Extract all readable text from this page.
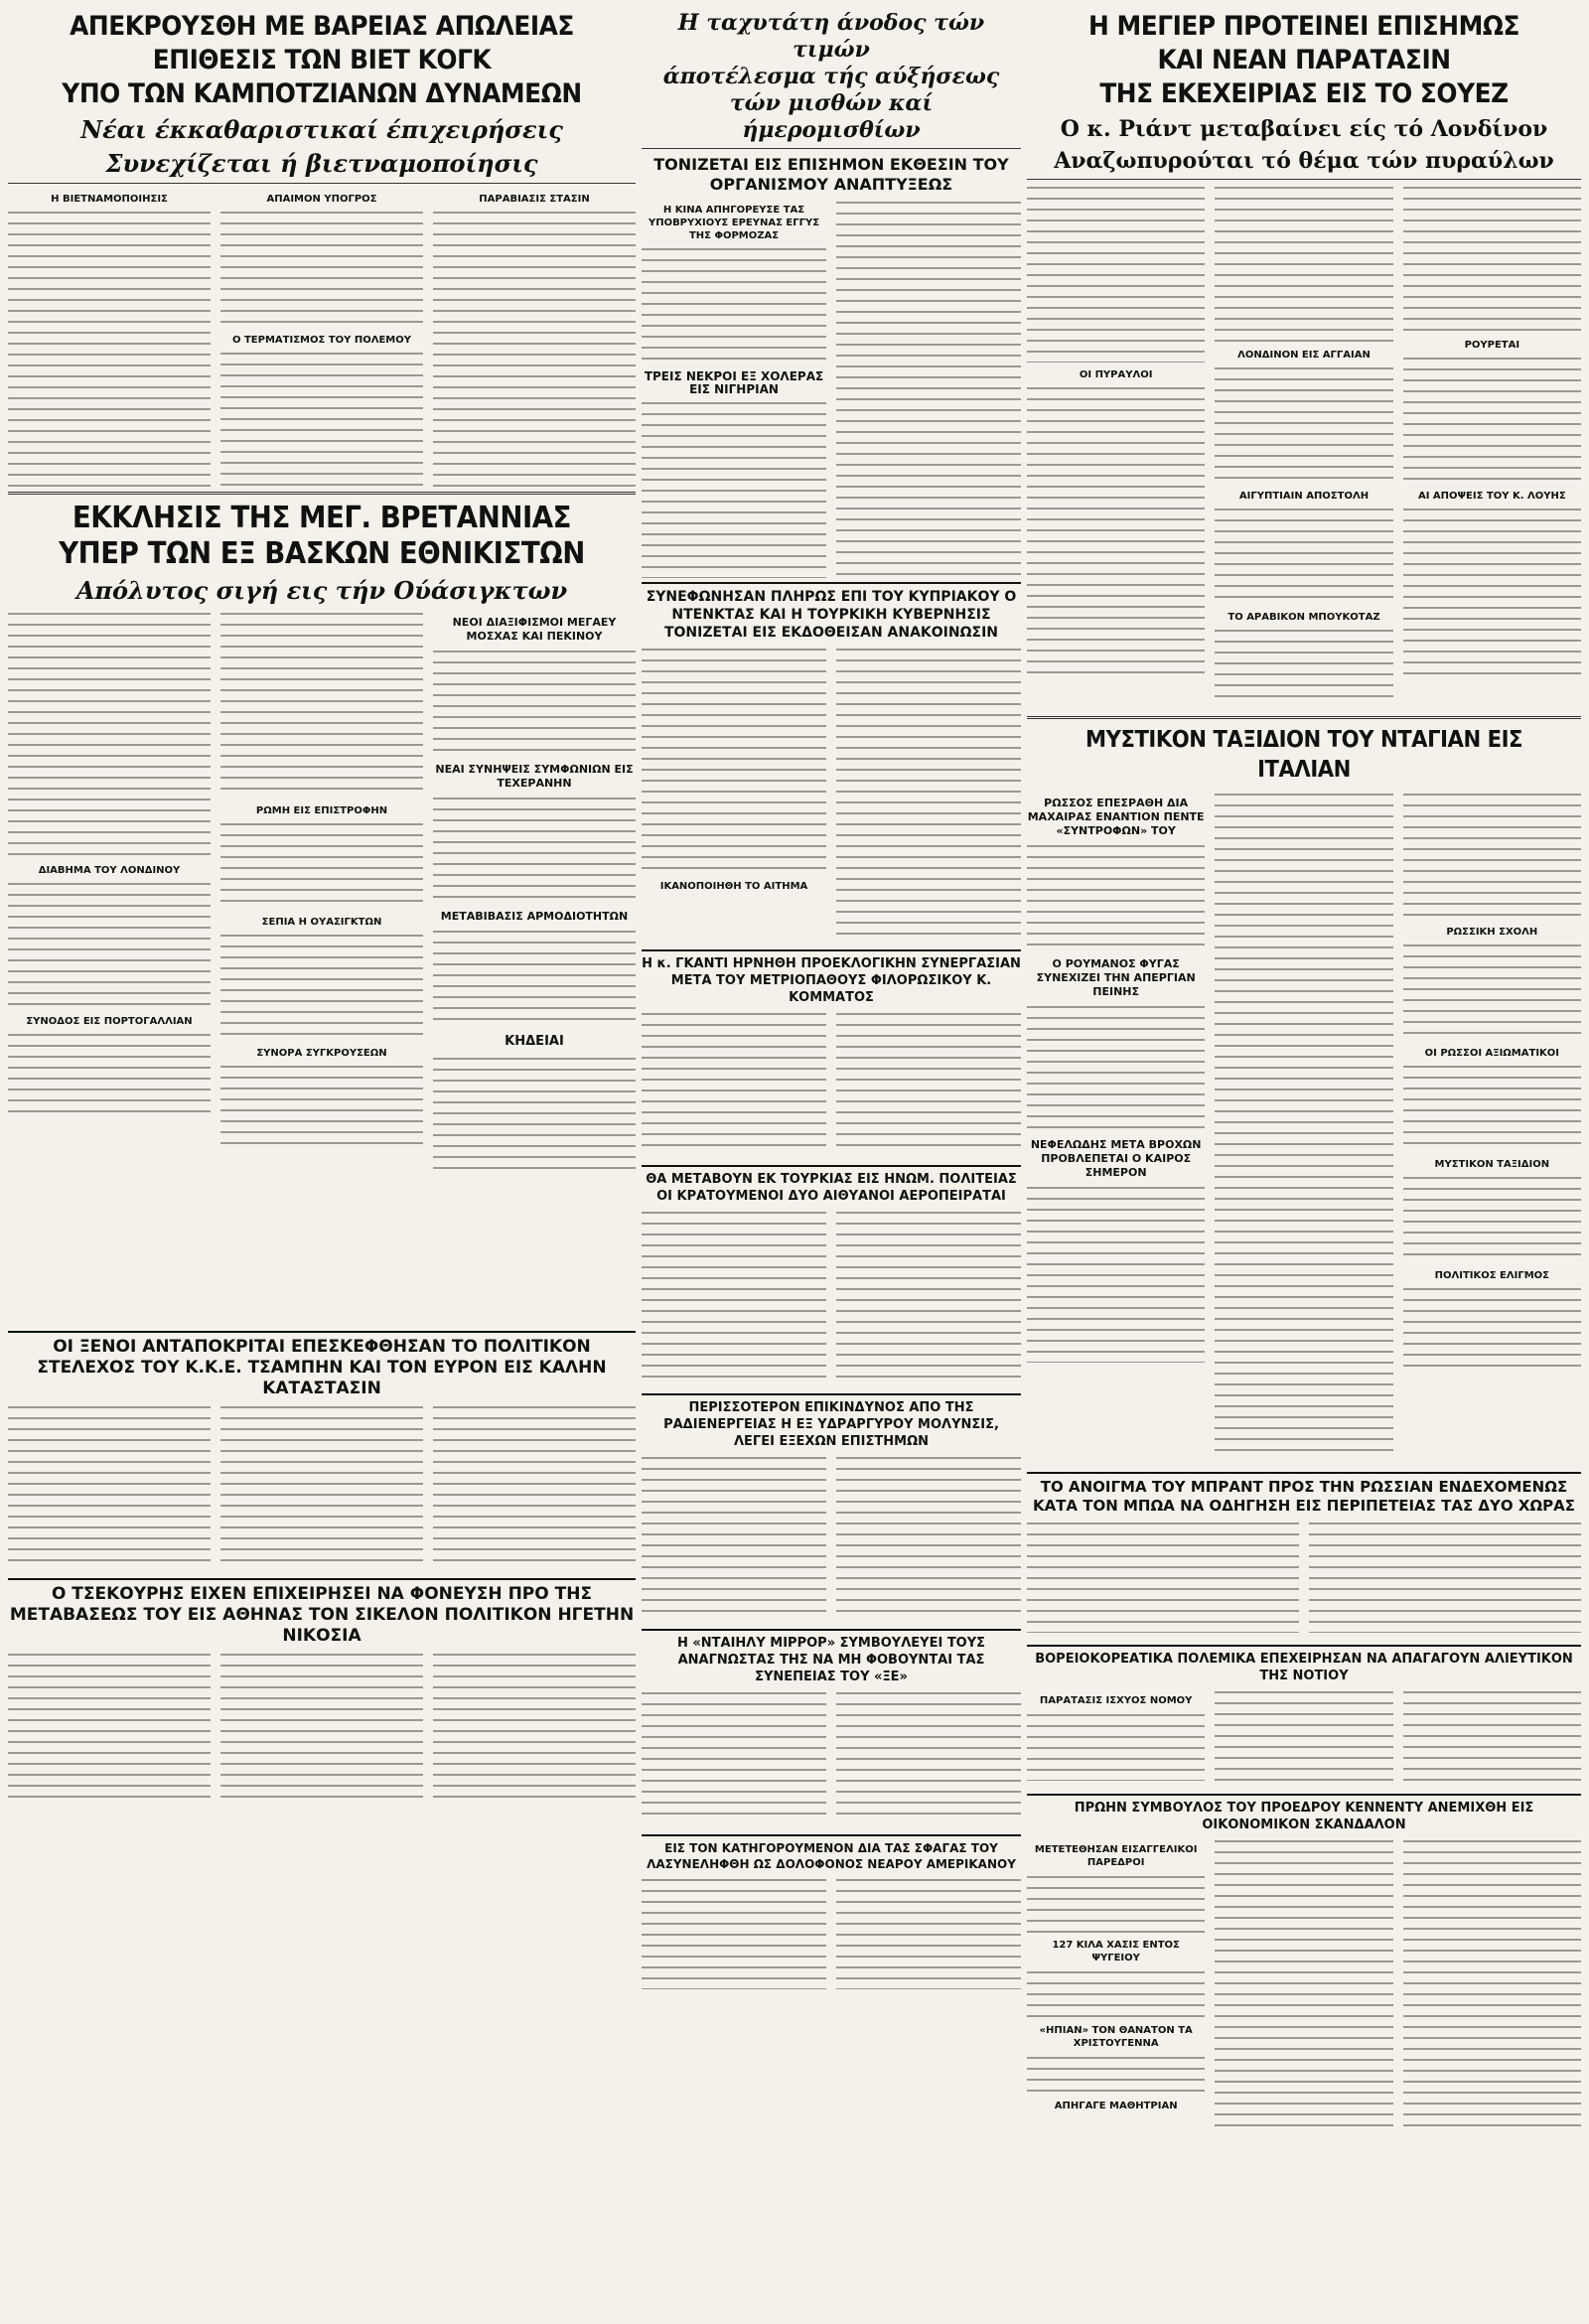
ΑΠΕΚΡΟΥΣΘΗ ΜΕ ΒΑΡΕΙΑΣ ΑΠΩΛΕΙΑΣ
ΕΠΙΘΕΣΙΣ ΤΩΝ ΒΙΕΤ ΚΟΓΚ
ΥΠΟ ΤΩΝ ΚΑΜΠΟΤΖΙΑΝΩΝ ΔΥΝΑΜΕΩΝ
Νέαι έκκαθαριστικαί έπιχειρήσεις
Συνεχίζεται ή βιετναμοποίησις
Η ΒΙΕΤΝΑΜΟΠΟΙΗΣΙΣ	ΑΠΑΙΜΟΝ ΥΠΟΓΡΟΣ
Ο ΤΕΡΜΑΤΙΣΜΟΣ ΤΟΥ ΠΟΛΕΜΟΥ
ΠΑΡΑΒΙΑΣΙΣ ΣΤΑΣΙΝ
ΕΚΚΛΗΣΙΣ ΤΗΣ ΜΕΓ. ΒΡΕΤΑΝΝΙΑΣ
ΥΠΕΡ ΤΩΝ ΕΞ ΒΑΣΚΩΝ ΕΘΝΙΚΙΣΤΩΝ
Απόλυτος σιγή εις τήν Ούάσιγκτων
ΔΙΑΒΗΜΑ ΤΟΥ ΛΟΝΔΙΝΟΥ
ΣΥΝΟΔΟΣ ΕΙΣ ΠΟΡΤΟΓΑΛΛΙΑΝ
ΡΩΜΗ ΕΙΣ ΕΠΙΣΤΡΟΦΗΝ
ΣΕΠΙΑ Η ΟΥΑΣΙΓΚΤΩΝ
ΣΥΝΟΡΑ ΣΥΓΚΡΟΥΣΕΩΝ
ΝΕΟΙ ΔΙΑΞΙΦΙΣΜΟΙ ΜΕΓΑΕΥ ΜΟΣΧΑΣ ΚΑΙ ΠΕΚΙΝΟΥ
ΝΕΑΙ ΣΥΝΗΨΕΙΣ ΣΥΜΦΩΝΙΩΝ ΕΙΣ ΤΕΧΕΡΑΝΗΝ
ΜΕΤΑΒΙΒΑΣΙΣ ΑΡΜΟΔΙΟΤΗΤΩΝ
ΚΗΔΕΙΑΙ
ΟΙ ΞΕΝΟΙ ΑΝΤΑΠΟΚΡΙΤΑΙ ΕΠΕΣΚΕΦΘΗΣΑΝ ΤΟ ΠΟΛΙΤΙΚΟΝ ΣΤΕΛΕΧΟΣ ΤΟΥ Κ.Κ.Ε. ΤΣΑΜΠΗΝ ΚΑΙ ΤΟΝ ΕΥΡΟΝ ΕΙΣ ΚΑΛΗΝ ΚΑΤΑΣΤΑΣΙΝ
Ο ΤΣΕΚΟΥΡΗΣ ΕΙΧΕΝ ΕΠΙΧΕΙΡΗΣΕΙ ΝΑ ΦΟΝΕΥΣΗ ΠΡΟ ΤΗΣ ΜΕΤΑΒΑΣΕΩΣ ΤΟΥ ΕΙΣ ΑΘΗΝΑΣ ΤΟΝ ΣΙΚΕΛΟΝ ΠΟΛΙΤΙΚΟΝ ΗΓΕΤΗΝ ΝΙΚΟΣΙΑ
Η ταχυτάτη άνοδος τών τιμών
άποτέλεσμα τής αύξήσεως
τών μισθών καί ήμερομισθίων
ΤΟΝΙΖΕΤΑΙ ΕΙΣ ΕΠΙΣΗΜΟΝ ΕΚΘΕΣΙΝ ΤΟΥ ΟΡΓΑΝΙΣΜΟΥ ΑΝΑΠΤΥΞΕΩΣ
Η ΚΙΝΑ ΑΠΗΓΟΡΕΥΣΕ ΤΑΣ ΥΠΟΒΡΥΧΙΟΥΣ ΕΡΕΥΝΑΣ ΕΓΓΥΣ ΤΗΣ ΦΟΡΜΟΖΑΣ
ΤΡΕΙΣ ΝΕΚΡΟΙ ΕΞ ΧΟΛΕΡΑΣ ΕΙΣ ΝΙΓΗΡΙΑΝ
ΣΥΝΕΦΩΝΗΣΑΝ ΠΛΗΡΩΣ ΕΠΙ ΤΟΥ ΚΥΠΡΙΑΚΟΥ Ο ΝΤΕΝΚΤΑΣ ΚΑΙ Η ΤΟΥΡΚΙΚΗ ΚΥΒΕΡΝΗΣΙΣ ΤΟΝΙΖΕΤΑΙ ΕΙΣ ΕΚΔΟΘΕΙΣΑΝ ΑΝΑΚΟΙΝΩΣΙΝ
ΙΚΑΝΟΠΟΙΗΘΗ ΤΟ ΑΙΤΗΜΑ
Η κ. ΓΚΑΝΤΙ ΗΡΝΗΘΗ ΠΡΟΕΚΛΟΓΙΚΗΝ ΣΥΝΕΡΓΑΣΙΑΝ ΜΕΤΑ ΤΟΥ ΜΕΤΡΙΟΠΑΘΟΥΣ ΦΙΛΟΡΩΣΙΚΟΥ Κ. ΚΟΜΜΑΤΟΣ
ΘΑ ΜΕΤΑΒΟΥΝ ΕΚ ΤΟΥΡΚΙΑΣ ΕΙΣ ΗΝΩΜ. ΠΟΛΙΤΕΙΑΣ ΟΙ ΚΡΑΤΟΥΜΕΝΟΙ ΔΥΟ ΑΙΘΥΑΝΟΙ ΑΕΡΟΠΕΙΡΑΤΑΙ
ΠΕΡΙΣΣΟΤΕΡΟΝ ΕΠΙΚΙΝΔΥΝΟΣ ΑΠΟ ΤΗΣ ΡΑΔΙΕΝΕΡΓΕΙΑΣ Η ΕΞ ΥΔΡΑΡΓΥΡΟΥ ΜΟΛΥΝΣΙΣ, ΛΕΓΕΙ ΕΞΕΧΩΝ ΕΠΙΣΤΗΜΩΝ
Η «ΝΤΑΙΗΛΥ ΜΙΡΡΟΡ» ΣΥΜΒΟΥΛΕΥΕΙ ΤΟΥΣ ΑΝΑΓΝΩΣΤΑΣ ΤΗΣ ΝΑ ΜΗ ΦΟΒΟΥΝΤΑΙ ΤΑΣ ΣΥΝΕΠΕΙΑΣ ΤΟΥ «ΞΕ»
ΕΙΣ ΤΟΝ ΚΑΤΗΓΟΡΟΥΜΕΝΟΝ ΔΙΑ ΤΑΣ ΣΦΑΓΑΣ ΤΟΥ ΛΑΣΥΝΕΛΗΦΘΗ ΩΣ ΔΟΛΟΦΟΝΟΣ ΝΕΑΡΟΥ ΑΜΕΡΙΚΑΝΟΥ
Η ΜΕΓΙΕΡ ΠΡΟΤΕΙΝΕΙ ΕΠΙΣΗΜΩΣ
ΚΑΙ ΝΕΑΝ ΠΑΡΑΤΑΣΙΝ
ΤΗΣ ΕΚΕΧΕΙΡΙΑΣ ΕΙΣ ΤΟ ΣΟΥΕΖ
Ο κ. Ριάντ μεταβαίνει είς τό Λονδίνον
Αναζωπυρούται τό θέμα τών πυραύλων
ΟΙ ΠΥΡΑΥΛΟΙ
ΛΟΝΔΙΝΟΝ ΕΙΣ ΑΓΓΑΙΑΝ
ΑΙΓΥΠΤΙΑΙΝ ΑΠΟΣΤΟΛΗ
ΤΟ ΑΡΑΒΙΚΟΝ ΜΠΟΥΚΟΤΑΖ
ΡΟΥΡΕΤΑΙ
ΑΙ ΑΠΟΨΕΙΣ ΤΟΥ Κ. ΛΟΥΗΣ
ΜΥΣΤΙΚΟΝ ΤΑΞΙΔΙΟΝ ΤΟΥ ΝΤΑΓΙΑΝ ΕΙΣ ΙΤΑΛΙΑΝ
ΡΩΣΣΟΣ ΕΠΕΣΡΑΘΗ ΔΙΑ ΜΑΧΑΙΡΑΣ ΕΝΑΝΤΙΟΝ ΠΕΝΤΕ «ΣΥΝΤΡΟΦΩΝ» ΤΟΥ
Ο ΡΟΥΜΑΝΟΣ ΦΥΓΑΣ ΣΥΝΕΧΙΖΕΙ ΤΗΝ ΑΠΕΡΓΙΑΝ ΠΕΙΝΗΣ
ΝΕΦΕΛΩΔΗΣ ΜΕΤΑ ΒΡΟΧΩΝ ΠΡΟΒΛΕΠΕΤΑΙ Ο ΚΑΙΡΟΣ ΣΗΜΕΡΟΝ
ΡΩΣΣΙΚΗ ΣΧΟΛΗ
ΟΙ ΡΩΣΣΟΙ ΑΞΙΩΜΑΤΙΚΟΙ
ΜΥΣΤΙΚΟΝ ΤΑΞΙΔΙΟΝ
ΠΟΛΙΤΙΚΟΣ ΕΛΙΓΜΟΣ
ΤΟ ΑΝΟΙΓΜΑ ΤΟΥ ΜΠΡΑΝΤ ΠΡΟΣ ΤΗΝ ΡΩΣΣΙΑΝ ΕΝΔΕΧΟΜΕΝΩΣ ΚΑΤΑ ΤΟΝ ΜΠΩΑ ΝΑ ΟΔΗΓΗΣΗ ΕΙΣ ΠΕΡΙΠΕΤΕΙΑΣ ΤΑΣ ΔΥΟ ΧΩΡΑΣ
ΒΟΡΕΙΟΚΟΡΕΑΤΙΚΑ ΠΟΛΕΜΙΚΑ ΕΠΕΧΕΙΡΗΣΑΝ ΝΑ ΑΠΑΓΑΓΟΥΝ ΑΛΙΕΥΤΙΚΟΝ ΤΗΣ ΝΟΤΙΟΥ
ΠΑΡΑΤΑΣΙΣ ΙΣΧΥΟΣ ΝΟΜΟΥ
ΠΡΩΗΝ ΣΥΜΒΟΥΛΟΣ ΤΟΥ ΠΡΟΕΔΡΟΥ ΚΕΝΝΕΝΤΥ ΑΝΕΜΙΧΘΗ ΕΙΣ ΟΙΚΟΝΟΜΙΚΟΝ ΣΚΑΝΔΑΛΟΝ
ΜΕΤΕΤΕΘΗΣΑΝ ΕΙΣΑΓΓΕΛΙΚΟΙ ΠΑΡΕΔΡΟΙ
127 ΚΙΛΑ ΧΑΣΙΣ ΕΝΤΟΣ ΨΥΓΕΙΟΥ
«ΗΠΙΑΝ» ΤΟΝ ΘΑΝΑΤΟΝ ΤΑ ΧΡΙΣΤΟΥΓΕΝΝΑ
ΑΠΗΓΑΓΕ ΜΑΘΗΤΡΙΑΝ
